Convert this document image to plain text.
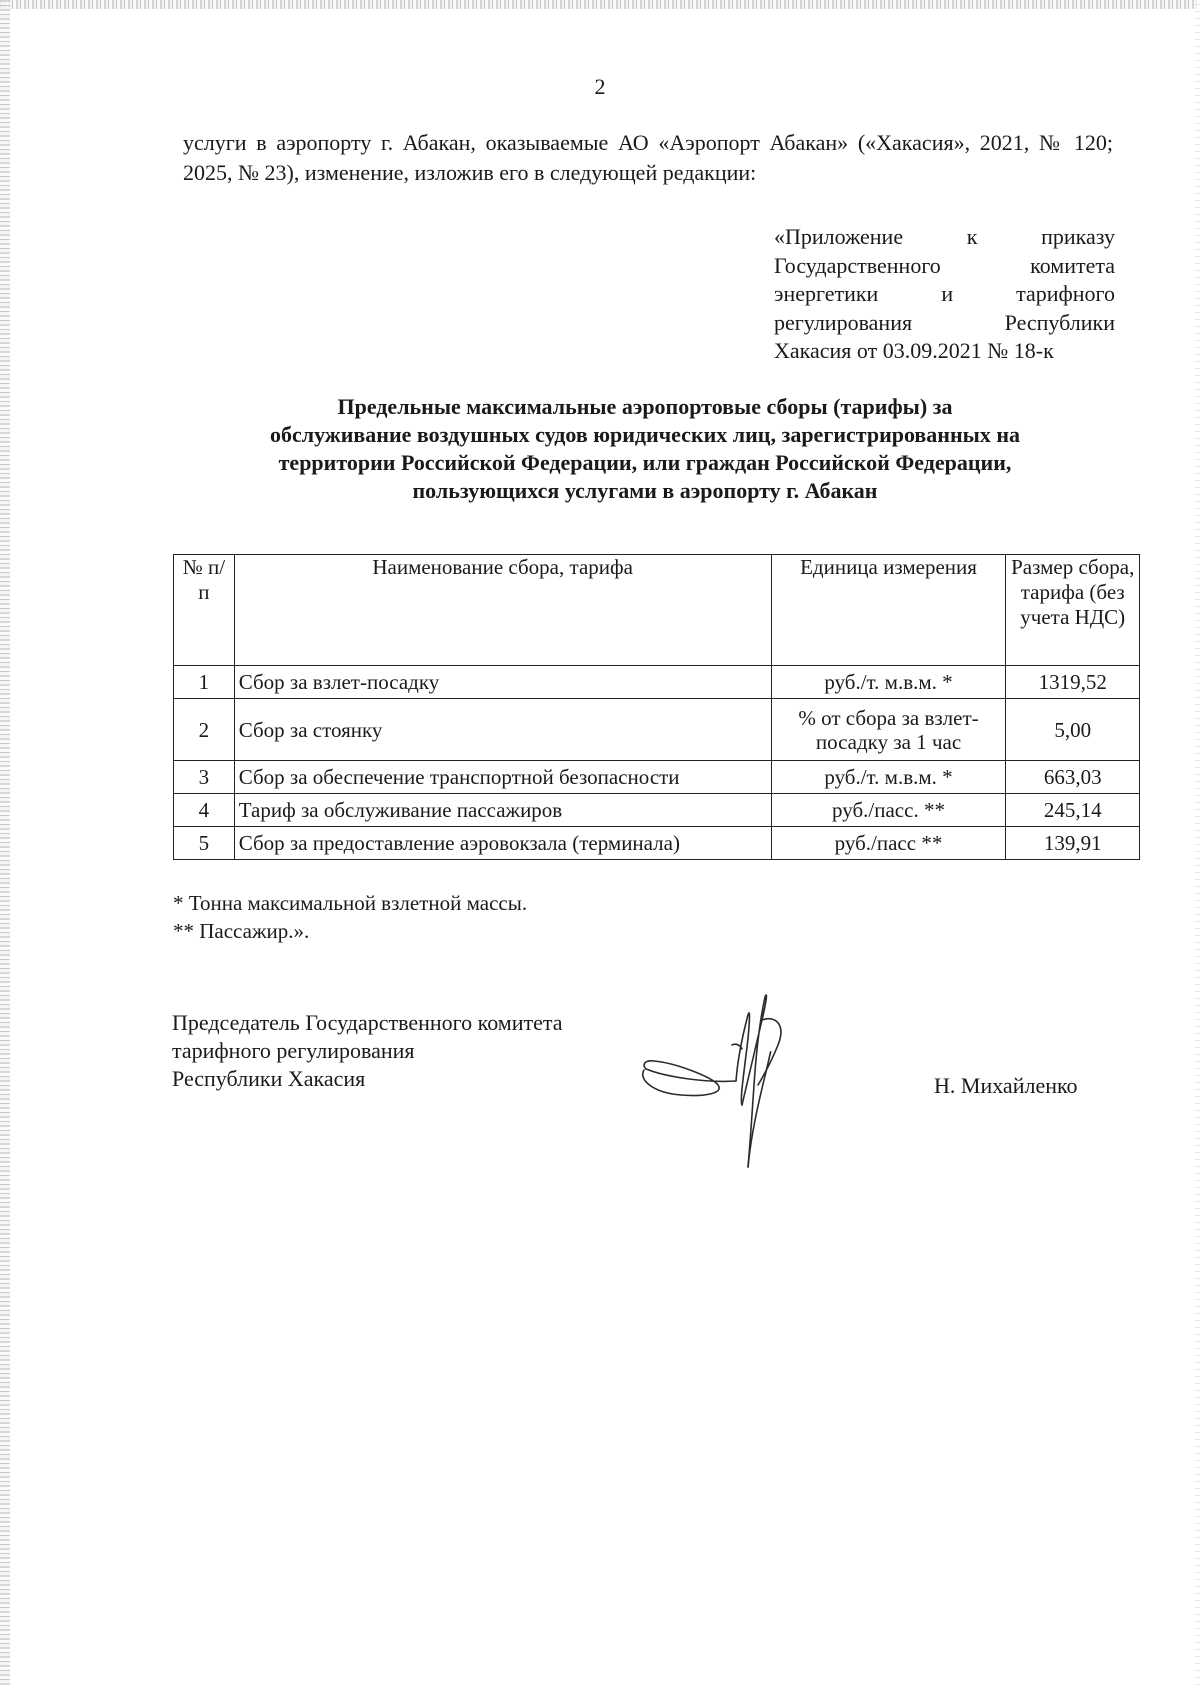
2
услуги в аэропорту г. Абакан, оказываемые АО «Аэропорт Абакан» («Хакасия», 2021, № 120; 2025, № 23), изменение, изложив его в следующей редакции:
«Приложение к приказу
Государственного комитета
энергетики и тарифного
регулирования Республики
Хакасия от 03.09.2021 № 18-к
Предельные максимальные аэропортовые сборы (тарифы) за
обслуживание воздушных судов юридических лиц, зарегистрированных на
территории Российской Федерации, или граждан Российской Федерации,
пользующихся услугами в аэропорту г. Абакан
№ п/п	Наименование сбора, тарифа	Единица измерения	Размер сбора, тарифа (без учета НДС)
1	Сбор за взлет-посадку	руб./т. м.в.м. *	1319,52
2	Сбор за стоянку	% от сбора за взлет-посадку за 1 час	5,00
3	Сбор за обеспечение транспортной безопасности	руб./т. м.в.м. *	663,03
4	Тариф за обслуживание пассажиров	руб./пасс. **	245,14
5	Сбор за предоставление аэровокзала (терминала)	руб./пасс **	139,91
* Тонна максимальной взлетной массы.
** Пассажир.».
Председатель Государственного комитета
тарифного регулирования
Республики Хакасия	Н. Михайленко
